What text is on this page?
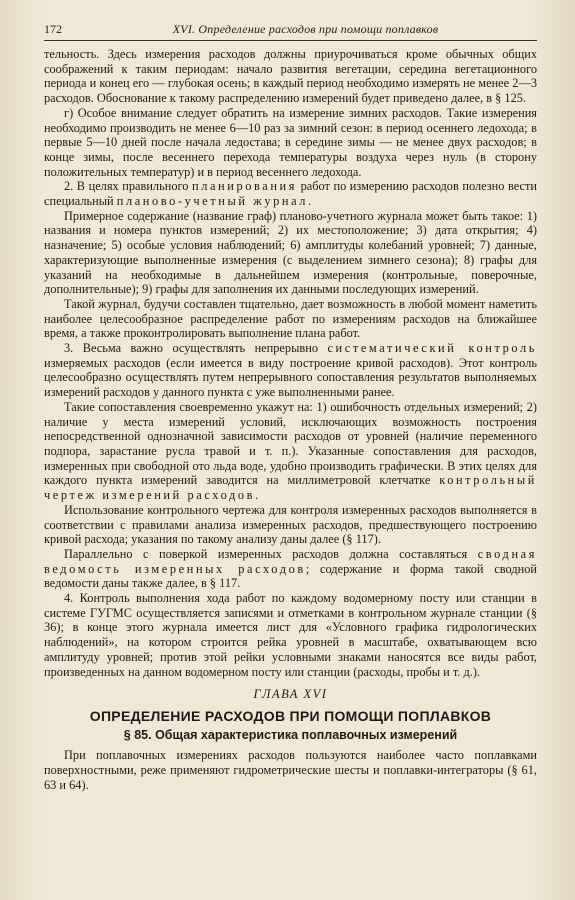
172	XVI. Определение расходов при помощи поплавков

тельность. Здесь измерения расходов должны приурочиваться кроме обычных общих соображений к таким периодам: начало развития вегетации, середина вегетационного периода и конец его — глубокая осень; в каждый период необходимо измерять не менее 2—3 расходов. Обоснование к такому распределению измерений будет приведено далее, в § 125.

г) Особое внимание следует обратить на измерение зимних расходов. Такие измерения необходимо производить не менее 6—10 раз за зимний сезон: в период осеннего ледохода; в первые 5—10 дней после начала ледостава; в середине зимы — не менее двух расходов; в конце зимы, после весеннего перехода температуры воздуха через нуль (в сторону положительных температур) и в период весеннего ледохода.

2. В целях правильного планирования работ по измерению расходов полезно вести специальный планово-учетный журнал.

Примерное содержание (название граф) планово-учетного журнала может быть такое: 1) названия и номера пунктов измерений; 2) их местоположение; 3) дата открытия; 4) назначение; 5) особые условия наблюдений; 6) амплитуды колебаний уровней; 7) данные, характеризующие выполненные измерения (с выделением зимнего сезона); 8) графы для указаний на необходимые в дальнейшем измерения (контрольные, поверочные, дополнительные); 9) графы для заполнения их данными последующих измерений.

Такой журнал, будучи составлен тщательно, дает возможность в любой момент наметить наиболее целесообразное распределение работ по измерениям расходов на ближайшее время, а также проконтролировать выполнение плана работ.

3. Весьма важно осуществлять непрерывно систематический контроль измеряемых расходов (если имеется в виду построение кривой расходов). Этот контроль целесообразно осуществлять путем непрерывного сопоставления результатов выполняемых измерений расходов у данного пункта с уже выполненными ранее.

Такие сопоставления своевременно укажут на: 1) ошибочность отдельных измерений; 2) наличие у места измерений условий, исключающих возможность построения непосредственной однозначной зависимости расходов от уровней (наличие переменного подпора, зарастание русла травой и т. п.). Указанные сопоставления для расходов, измеренных при свободной ото льда воде, удобно производить графически. В этих целях для каждого пункта измерений заводится на миллиметровой клетчатке контрольный чертеж измерений расходов.

Использование контрольного чертежа для контроля измеренных расходов выполняется в соответствии с правилами анализа измеренных расходов, предшествующего построению кривой расхода; указания по такому анализу даны далее (§ 117).

Параллельно с поверкой измеренных расходов должна составляться сводная ведомость измеренных расходов; содержание и форма такой сводной ведомости даны также далее, в § 117.

4. Контроль выполнения хода работ по каждому водомерному посту или станции в системе ГУГМС осуществляется записями и отметками в контрольном журнале станции (§ 36); в конце этого журнала имеется лист для «Условного графика гидрологических наблюдений», на котором строится рейка уровней в масштабе, охватывающем всю амплитуду уровней; против этой рейки условными знаками наносятся все виды работ, произведенных на данном водомерном посту или станции (расходы, пробы и т. д.).

ГЛАВА XVI
ОПРЕДЕЛЕНИЕ РАСХОДОВ ПРИ ПОМОЩИ ПОПЛАВКОВ
§ 85. Общая характеристика поплавочных измерений

При поплавочных измерениях расходов пользуются наиболее часто поплавками поверхностными, реже применяют гидрометрические шесты и поплавки-интеграторы (§ 61, 63 и 64).
